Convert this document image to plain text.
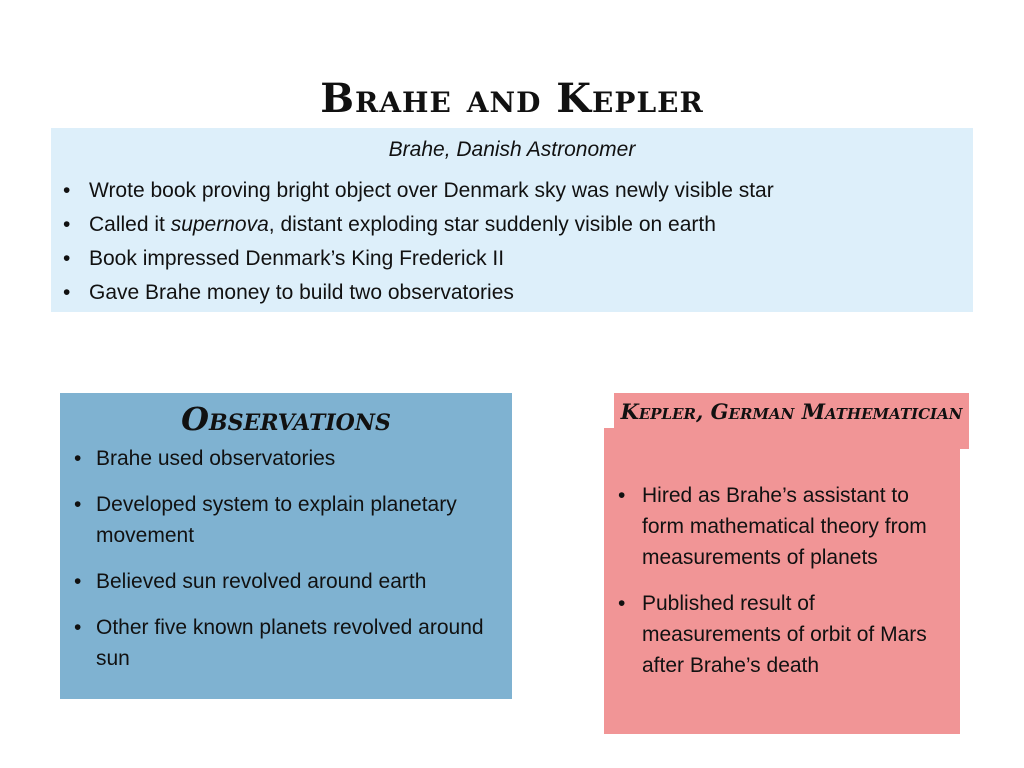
Brahe and Kepler
Brahe, Danish Astronomer
• Wrote book proving bright object over Denmark sky was newly visible star
• Called it supernova, distant exploding star suddenly visible on earth
• Book impressed Denmark’s King Frederick II
• Gave Brahe money to build two observatories
Observations
• Brahe used observatories
• Developed system to explain planetary movement
• Believed sun revolved around earth
• Other five known planets revolved around sun
• Hired as Brahe’s assistant to form mathematical theory from measurements of planets
• Published result of measurements of orbit of Mars after Brahe’s death
Kepler, German Mathematician
